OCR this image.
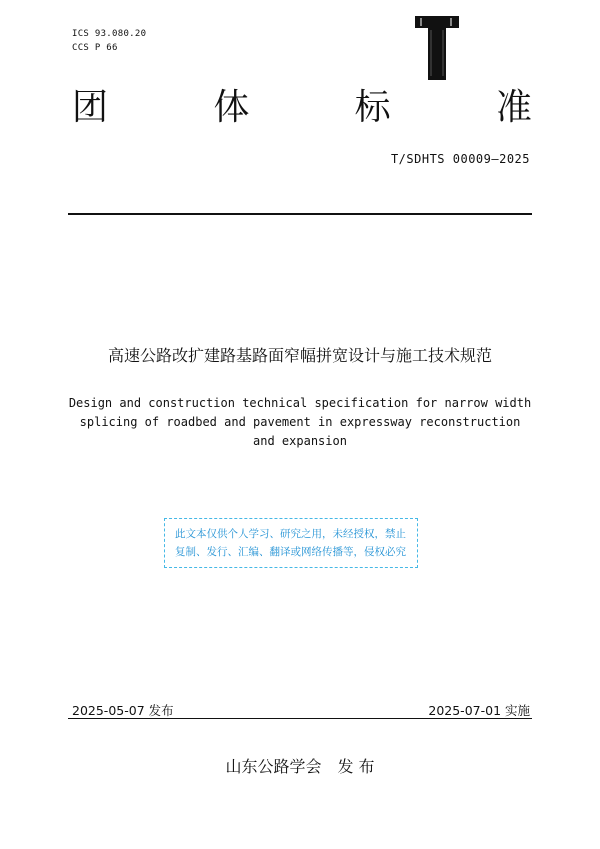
ICS 93.080.20
CCS P 66
团	体	标	准
T/SDHTS 00009—2025
高速公路改扩建路基路面窄幅拼宽设计与施工技术规范
Design and construction technical specification for narrow width
splicing of roadbed and pavement in expressway reconstruction
and expansion
此文本仅供个人学习、研究之用，未经授权，禁止
复制、发行、汇编、翻译或网络传播等，侵权必究
2025-05-07 发布	2025-07-01 实施
山东公路学会 发 布
